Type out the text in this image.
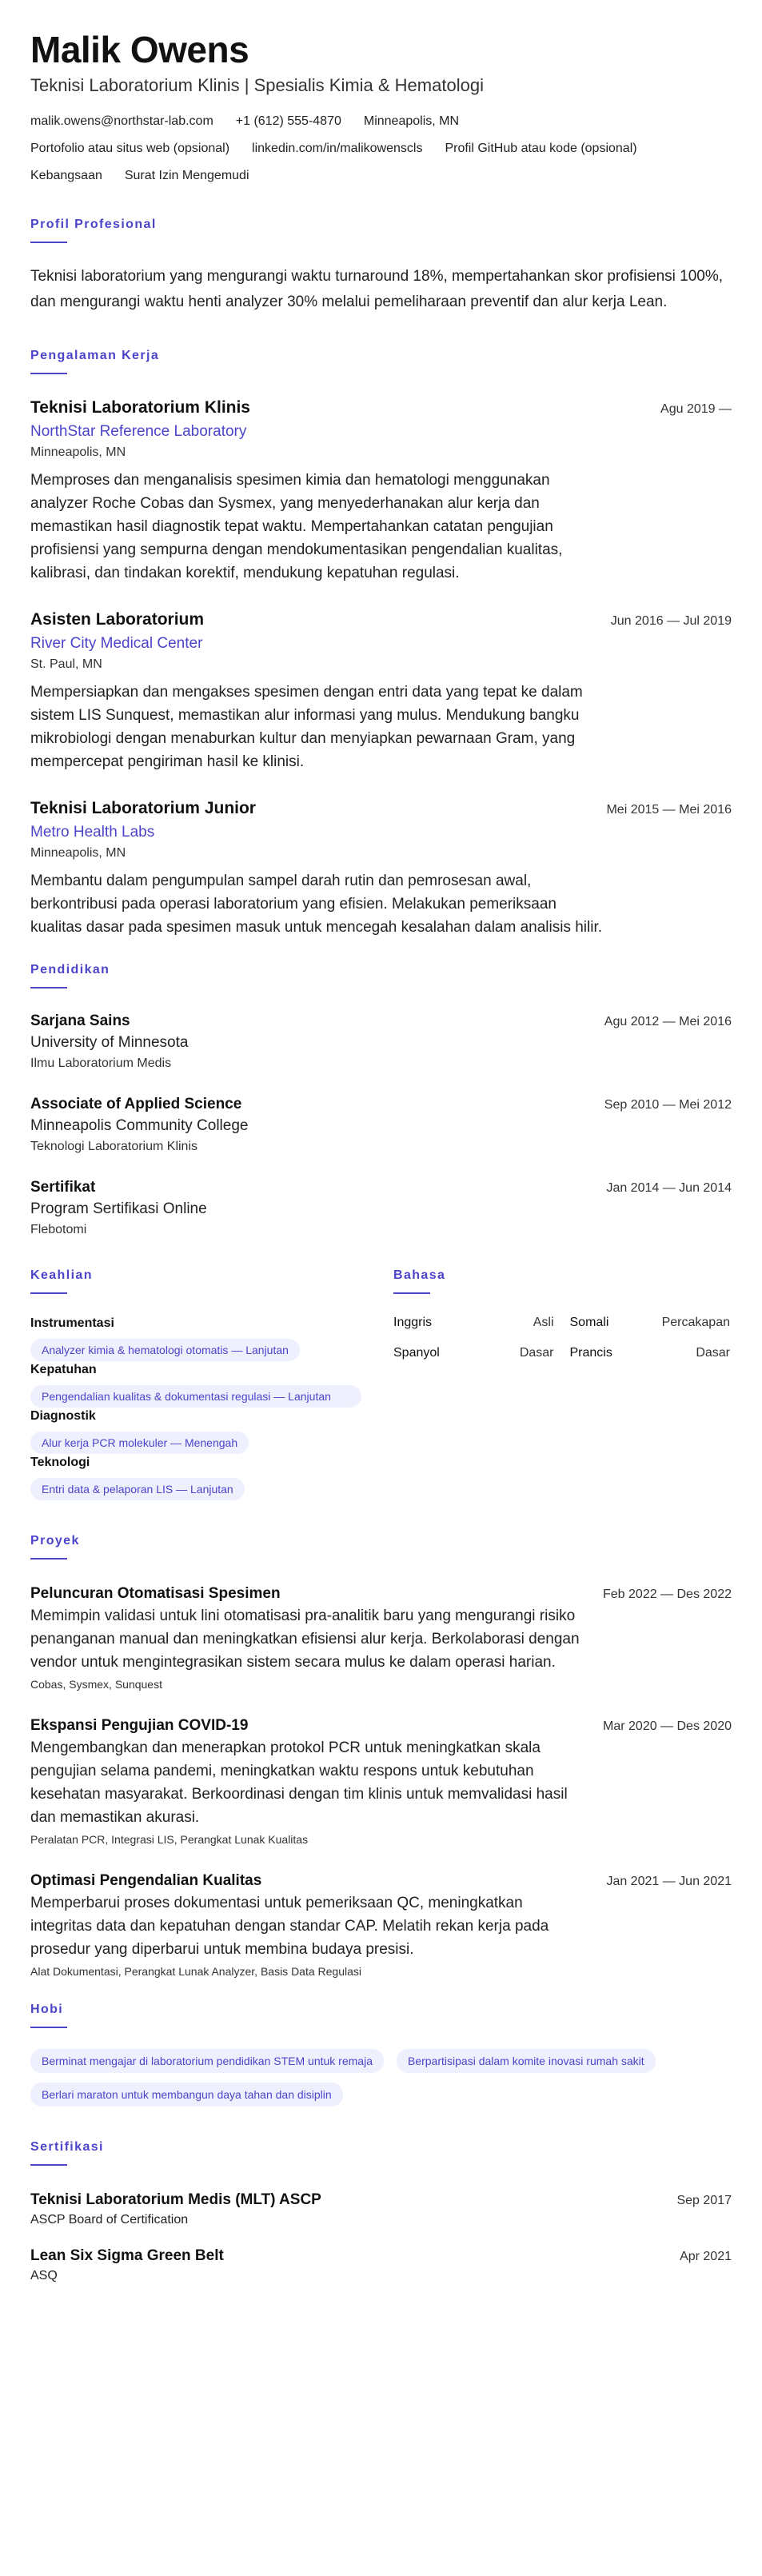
Malik Owens
Teknisi Laboratorium Klinis | Spesialis Kimia & Hematologi
malik.owens@northstar-lab.com +1 (612) 555-4870 Minneapolis, MN
Portofolio atau situs web (opsional) linkedin.com/in/malikowenscls Profil GitHub atau kode (opsional)
Kebangsaan Surat Izin Mengemudi
Profil Profesional
Teknisi laboratorium yang mengurangi waktu turnaround 18%, mempertahankan skor profisiensi 100%, dan mengurangi waktu henti analyzer 30% melalui pemeliharaan preventif dan alur kerja Lean.
Pengalaman Kerja
Teknisi Laboratorium Klinis	Agu 2019 —
NorthStar Reference Laboratory
Minneapolis, MN
Memproses dan menganalisis spesimen kimia dan hematologi menggunakan analyzer Roche Cobas dan Sysmex, yang menyederhanakan alur kerja dan memastikan hasil diagnostik tepat waktu. Mempertahankan catatan pengujian profisiensi yang sempurna dengan mendokumentasikan pengendalian kualitas, kalibrasi, dan tindakan korektif, mendukung kepatuhan regulasi.
Asisten Laboratorium	Jun 2016 — Jul 2019
River City Medical Center
St. Paul, MN
Mempersiapkan dan mengakses spesimen dengan entri data yang tepat ke dalam sistem LIS Sunquest, memastikan alur informasi yang mulus. Mendukung bangku mikrobiologi dengan menaburkan kultur dan menyiapkan pewarnaan Gram, yang mempercepat pengiriman hasil ke klinisi.
Teknisi Laboratorium Junior	Mei 2015 — Mei 2016
Metro Health Labs
Minneapolis, MN
Membantu dalam pengumpulan sampel darah rutin dan pemrosesan awal, berkontribusi pada operasi laboratorium yang efisien. Melakukan pemeriksaan kualitas dasar pada spesimen masuk untuk mencegah kesalahan dalam analisis hilir.
Pendidikan
Sarjana Sains	Agu 2012 — Mei 2016
University of Minnesota
Ilmu Laboratorium Medis
Associate of Applied Science	Sep 2010 — Mei 2012
Minneapolis Community College
Teknologi Laboratorium Klinis
Sertifikat	Jan 2014 — Jun 2014
Program Sertifikasi Online
Flebotomi
Keahlian
Instrumentasi
Analyzer kimia & hematologi otomatis — Lanjutan
Kepatuhan
Pengendalian kualitas & dokumentasi regulasi — Lanjutan
Diagnostik
Alur kerja PCR molekuler — Menengah
Teknologi
Entri data & pelaporan LIS — Lanjutan
Bahasa
Inggris	Asli Somali	Percakapan
Spanyol	Dasar Prancis	Dasar
Proyek
Peluncuran Otomatisasi Spesimen	Feb 2022 — Des 2022
Memimpin validasi untuk lini otomatisasi pra-analitik baru yang mengurangi risiko penanganan manual dan meningkatkan efisiensi alur kerja. Berkolaborasi dengan vendor untuk mengintegrasikan sistem secara mulus ke dalam operasi harian.
Cobas, Sysmex, Sunquest
Ekspansi Pengujian COVID-19	Mar 2020 — Des 2020
Mengembangkan dan menerapkan protokol PCR untuk meningkatkan skala pengujian selama pandemi, meningkatkan waktu respons untuk kebutuhan kesehatan masyarakat. Berkoordinasi dengan tim klinis untuk memvalidasi hasil dan memastikan akurasi.
Peralatan PCR, Integrasi LIS, Perangkat Lunak Kualitas
Optimasi Pengendalian Kualitas	Jan 2021 — Jun 2021
Memperbarui proses dokumentasi untuk pemeriksaan QC, meningkatkan integritas data dan kepatuhan dengan standar CAP. Melatih rekan kerja pada prosedur yang diperbarui untuk membina budaya presisi.
Alat Dokumentasi, Perangkat Lunak Analyzer, Basis Data Regulasi
Hobi
Berminat mengajar di laboratorium pendidikan STEM untuk remaja	Berpartisipasi dalam komite inovasi rumah sakit
Berlari maraton untuk membangun daya tahan dan disiplin
Sertifikasi
Teknisi Laboratorium Medis (MLT) ASCP	Sep 2017
ASCP Board of Certification
Lean Six Sigma Green Belt	Apr 2021
ASQ
